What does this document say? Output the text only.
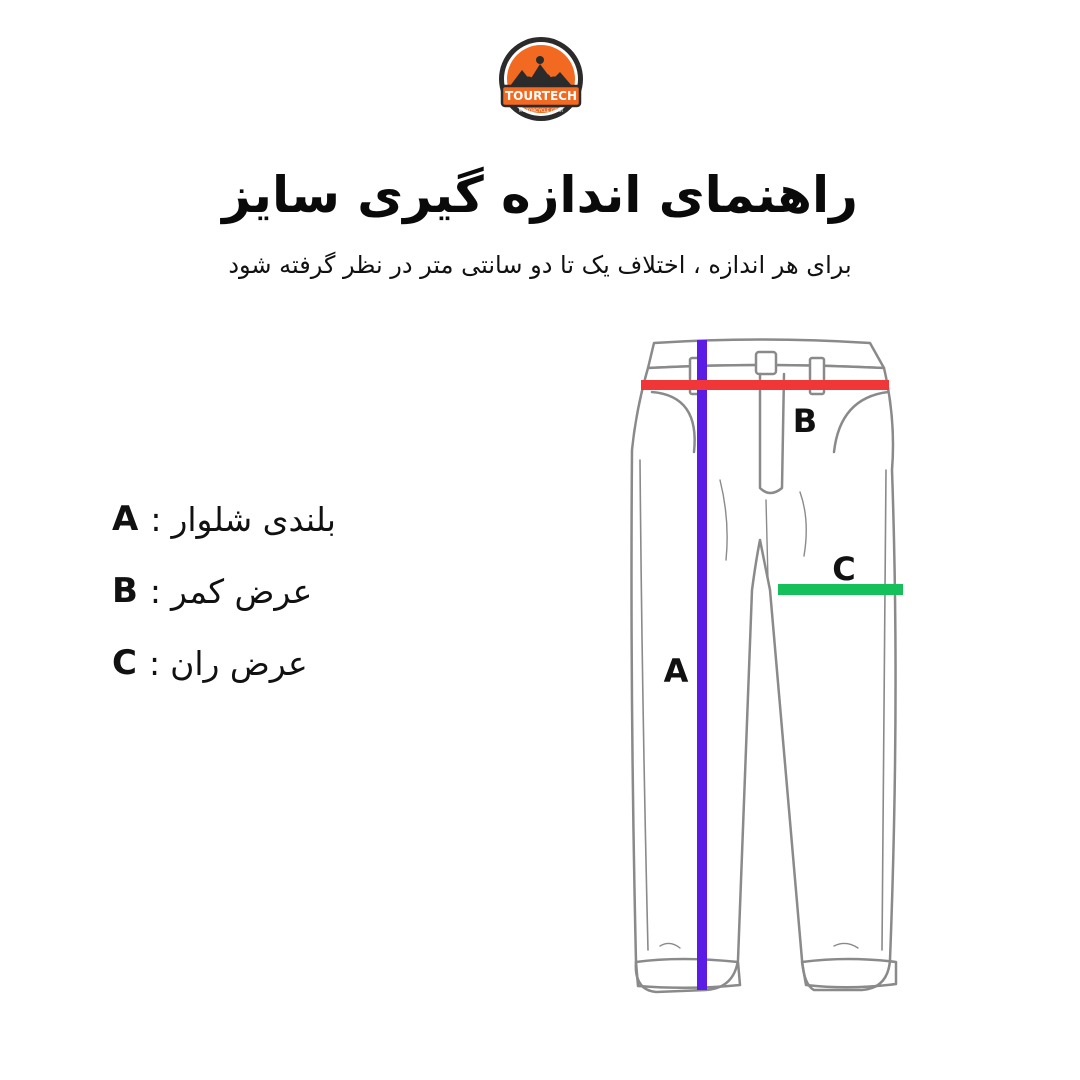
TOURTECH
MOTORCYCLE GEAR
راهنمای اندازه گیری سایز
برای هر اندازه ، اختلاف یک تا دو سانتی متر در نظر گرفته شود
A : بلندی شلوار
B : عرض کمر
C : عرض ران	A
B
C
